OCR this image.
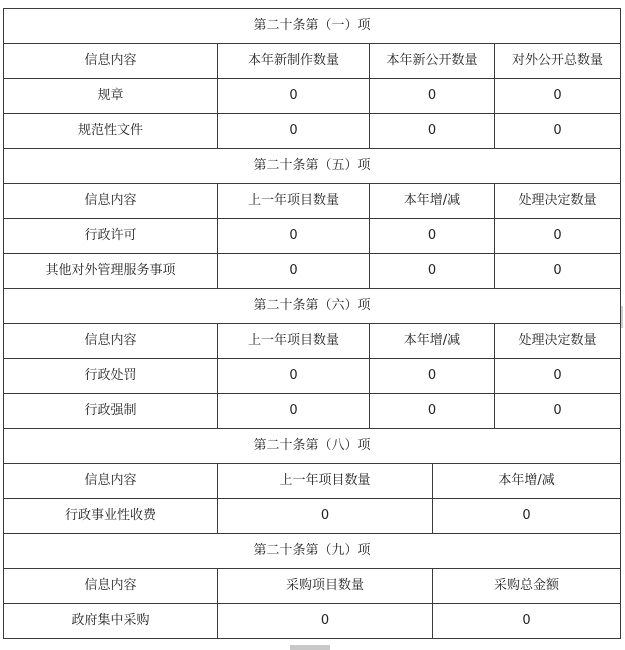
第二十条第（一）项				
信息内容	本年新制作数量	本年新公开数量		对外公开总数量
规章	0	0		0
规范性文件	0	0		0
第二十条第（五）项				
信息内容	上一年项目数量	本年增/减		处理决定数量
行政许可	0	0		0
其他对外管理服务事项	0	0		0
第二十条第（六）项				
信息内容	上一年项目数量	本年增/减		处理决定数量
行政处罚	0	0		0
行政强制	0	0		0
第二十条第（八）项				
信息内容	上一年项目数量		本年增/减	
行政事业性收费	0		0	
第二十条第（九）项				
信息内容	采购项目数量		采购总金额	
政府集中采购	0		0	
